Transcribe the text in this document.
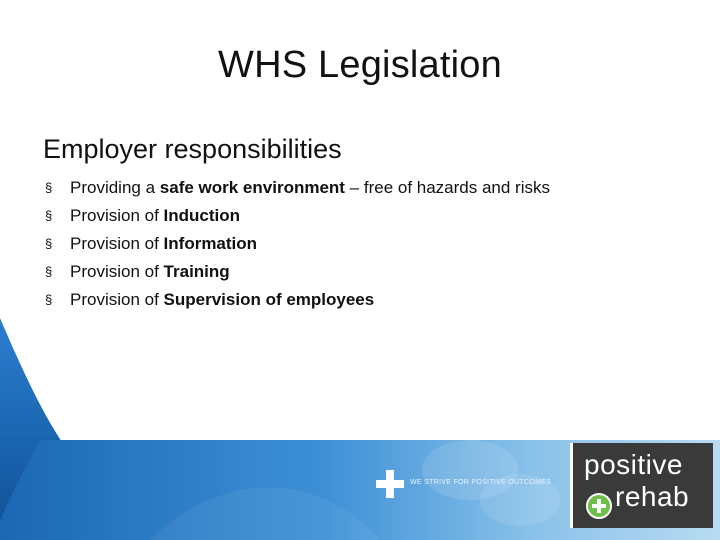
WHS Legislation
Employer responsibilities
§ Providing a safe work environment – free of hazards and risks
§ Provision of Induction
§ Provision of Information
§ Provision of Training
§ Provision of Supervision of employees
WE STRIVE FOR POSITIVE OUTCOMES
positive
rehab
